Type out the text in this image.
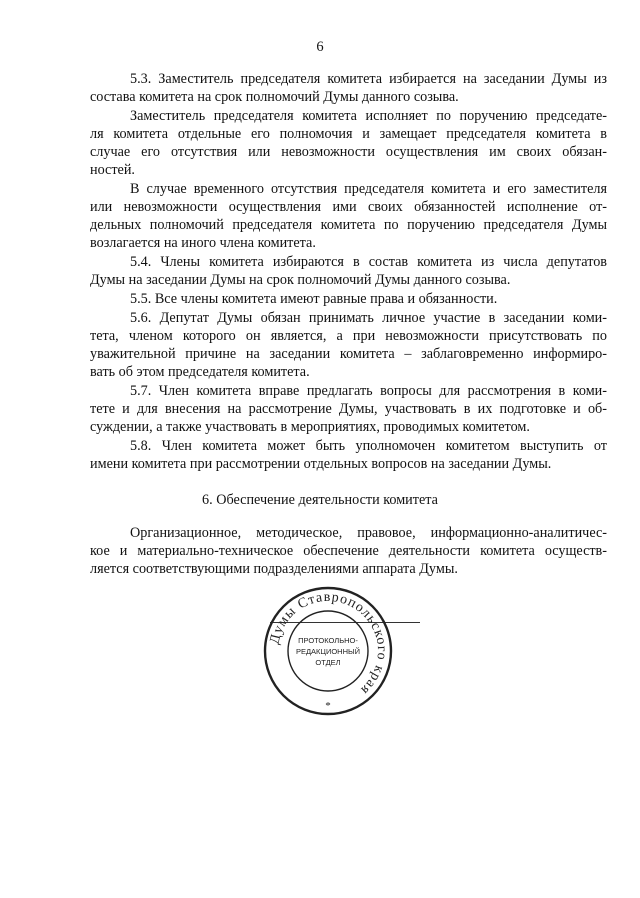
6
5.3. Заместитель председателя комитета избирается на заседании Думы из
состава комитета на срок полномочий Думы данного созыва.
Заместитель председателя комитета исполняет по поручению председате-
ля комитета отдельные его полномочия и замещает председателя комитета в
случае его отсутствия или невозможности осуществления им своих обязан-
ностей.
В случае временного отсутствия председателя комитета и его заместителя
или невозможности осуществления ими своих обязанностей исполнение от-
дельных полномочий председателя комитета по поручению председателя Думы
возлагается на иного члена комитета.
5.4. Члены комитета избираются в состав комитета из числа депутатов
Думы на заседании Думы на срок полномочий Думы данного созыва.
5.5. Все члены комитета имеют равные права и обязанности.
5.6. Депутат Думы обязан принимать личное участие в заседании коми-
тета, членом которого он является, а при невозможности присутствовать по
уважительной причине на заседании комитета – заблаговременно информиро-
вать об этом председателя комитета.
5.7. Член комитета вправе предлагать вопросы для рассмотрения в коми-
тете и для внесения на рассмотрение Думы, участвовать в их подготовке и об-
суждении, а также участвовать в мероприятиях, проводимых комитетом.
5.8. Член комитета может быть уполномочен комитетом выступить от
имени комитета при рассмотрении отдельных вопросов на заседании Думы.
6. Обеспечение деятельности комитета
Организационное, методическое, правовое, информационно-аналитичес-
кое и материально-техническое обеспечение деятельности комитета осуществ-
ляется соответствующими подразделениями аппарата Думы.
Думы Ставропольского края
ПРОТОКОЛЬНО-
РЕДАКЦИОННЫЙ
ОТДЕЛ
*
